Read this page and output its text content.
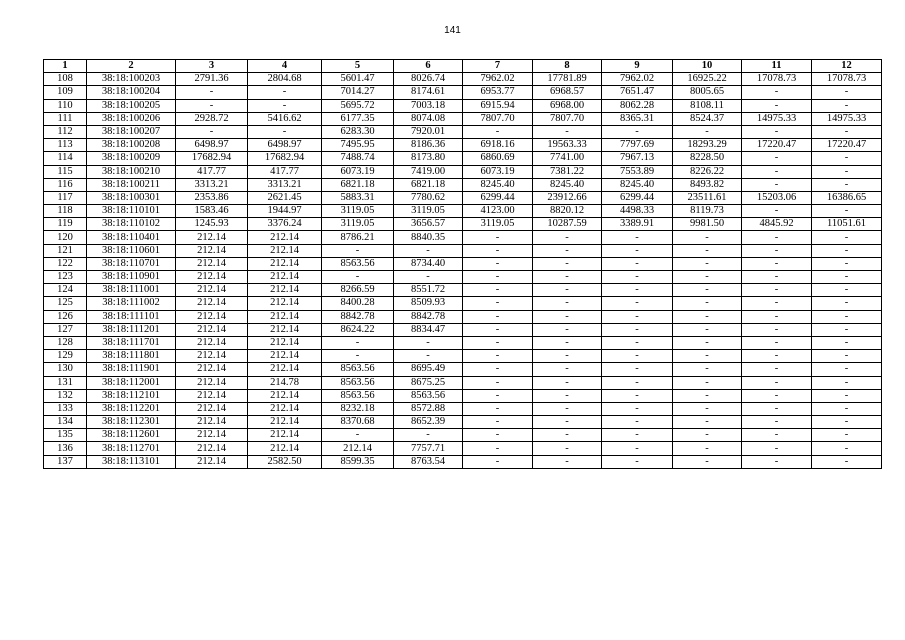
141
1	2	3	4	5	6	7	8	9	10	11	12
108	38:18:100203	2791.36	2804.68	5601.47	8026.74	7962.02	17781.89	7962.02	16925.22	17078.73	17078.73
109	38:18:100204	-	-	7014.27	8174.61	6953.77	6968.57	7651.47	8005.65	-	-
110	38:18:100205	-	-	5695.72	7003.18	6915.94	6968.00	8062.28	8108.11	-	-
111	38:18:100206	2928.72	5416.62	6177.35	8074.08	7807.70	7807.70	8365.31	8524.37	14975.33	14975.33
112	38:18:100207	-	-	6283.30	7920.01	-	-	-	-	-	-
113	38:18:100208	6498.97	6498.97	7495.95	8186.36	6918.16	19563.33	7797.69	18293.29	17220.47	17220.47
114	38:18:100209	17682.94	17682.94	7488.74	8173.80	6860.69	7741.00	7967.13	8228.50	-	-
115	38:18:100210	417.77	417.77	6073.19	7419.00	6073.19	7381.22	7553.89	8226.22	-	-
116	38:18:100211	3313.21	3313.21	6821.18	6821.18	8245.40	8245.40	8245.40	8493.82	-	-
117	38:18:100301	2353.86	2621.45	5883.31	7780.62	6299.44	23912.66	6299.44	23511.61	15203.06	16386.65
118	38:18:110101	1583.46	1944.97	3119.05	3119.05	4123.00	8820.12	4498.33	8119.73	-	-
119	38:18:110102	1245.93	3376.24	3119.05	3656.57	3119.05	10287.59	3389.91	9981.50	4845.92	11051.61
120	38:18:110401	212.14	212.14	8786.21	8840.35	-	-	-	-	-	-
121	38:18:110601	212.14	212.14	-	-	-	-	-	-	-	-
122	38:18:110701	212.14	212.14	8563.56	8734.40	-	-	-	-	-	-
123	38:18:110901	212.14	212.14	-	-	-	-	-	-	-	-
124	38:18:111001	212.14	212.14	8266.59	8551.72	-	-	-	-	-	-
125	38:18:111002	212.14	212.14	8400.28	8509.93	-	-	-	-	-	-
126	38:18:111101	212.14	212.14	8842.78	8842.78	-	-	-	-	-	-
127	38:18:111201	212.14	212.14	8624.22	8834.47	-	-	-	-	-	-
128	38:18:111701	212.14	212.14	-	-	-	-	-	-	-	-
129	38:18:111801	212.14	212.14	-	-	-	-	-	-	-	-
130	38:18:111901	212.14	212.14	8563.56	8695.49	-	-	-	-	-	-
131	38:18:112001	212.14	214.78	8563.56	8675.25	-	-	-	-	-	-
132	38:18:112101	212.14	212.14	8563.56	8563.56	-	-	-	-	-	-
133	38:18:112201	212.14	212.14	8232.18	8572.88	-	-	-	-	-	-
134	38:18:112301	212.14	212.14	8370.68	8652.39	-	-	-	-	-	-
135	38:18:112601	212.14	212.14	-	-	-	-	-	-	-	-
136	38:18:112701	212.14	212.14	212.14	7757.71	-	-	-	-	-	-
137	38:18:113101	212.14	2582.50	8599.35	8763.54	-	-	-	-	-	-
